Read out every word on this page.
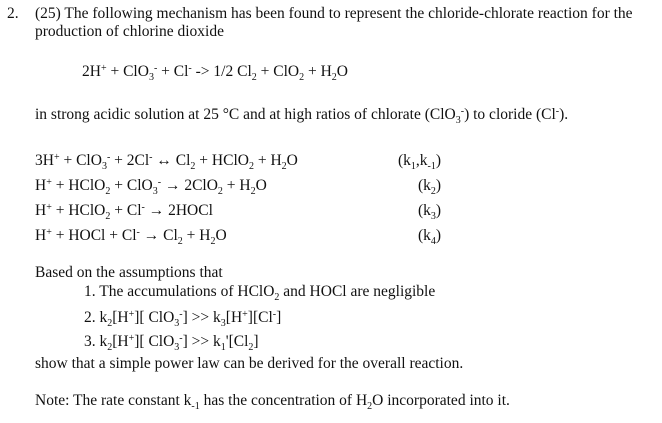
2. (25) The following mechanism has been found to represent the chloride-chlorate reaction for the
production of chlorine dioxide
2H+ + ClO$_3$- + Cl- -> 1/2 $Cl_2 + ClO_2 + H_2O$
in strong acidic solution at 25 °C and at high ratios of chlorate (ClO$_3$-) to cloride (Cl-).
3H+ + ClO$_3$- + 2Cl- ↔ $Cl_2$ + HClO$_2$ + $H_2O$	$(k_1,k_{-1})$
H+ + HClO$_2$ + $ClO_3^- \to 2ClO_2 + H_2O$	$(k_2)$
H+ + HClO$_2$ + Cl- → 2HOCl	$(k_3)$
H+ + HOCl + $Cl^- \to Cl_2 + H_2O$	$(k_4)$
Based on the assumptions that
1. The accumulations of HClO$_2$ and HOCl are negligible
2. $k_2[H^+]$[ $ClO_3^-] >> k_3[H^+][Cl^-]$
3. $k_2[H^+]$[ $ClO_3^-] >> k_1'[Cl_2]$
show that a simple power law can be derived for the overall reaction.
Note: The rate constant $k_{-1}$ has the concentration of $H_2O$ incorporated into it.
